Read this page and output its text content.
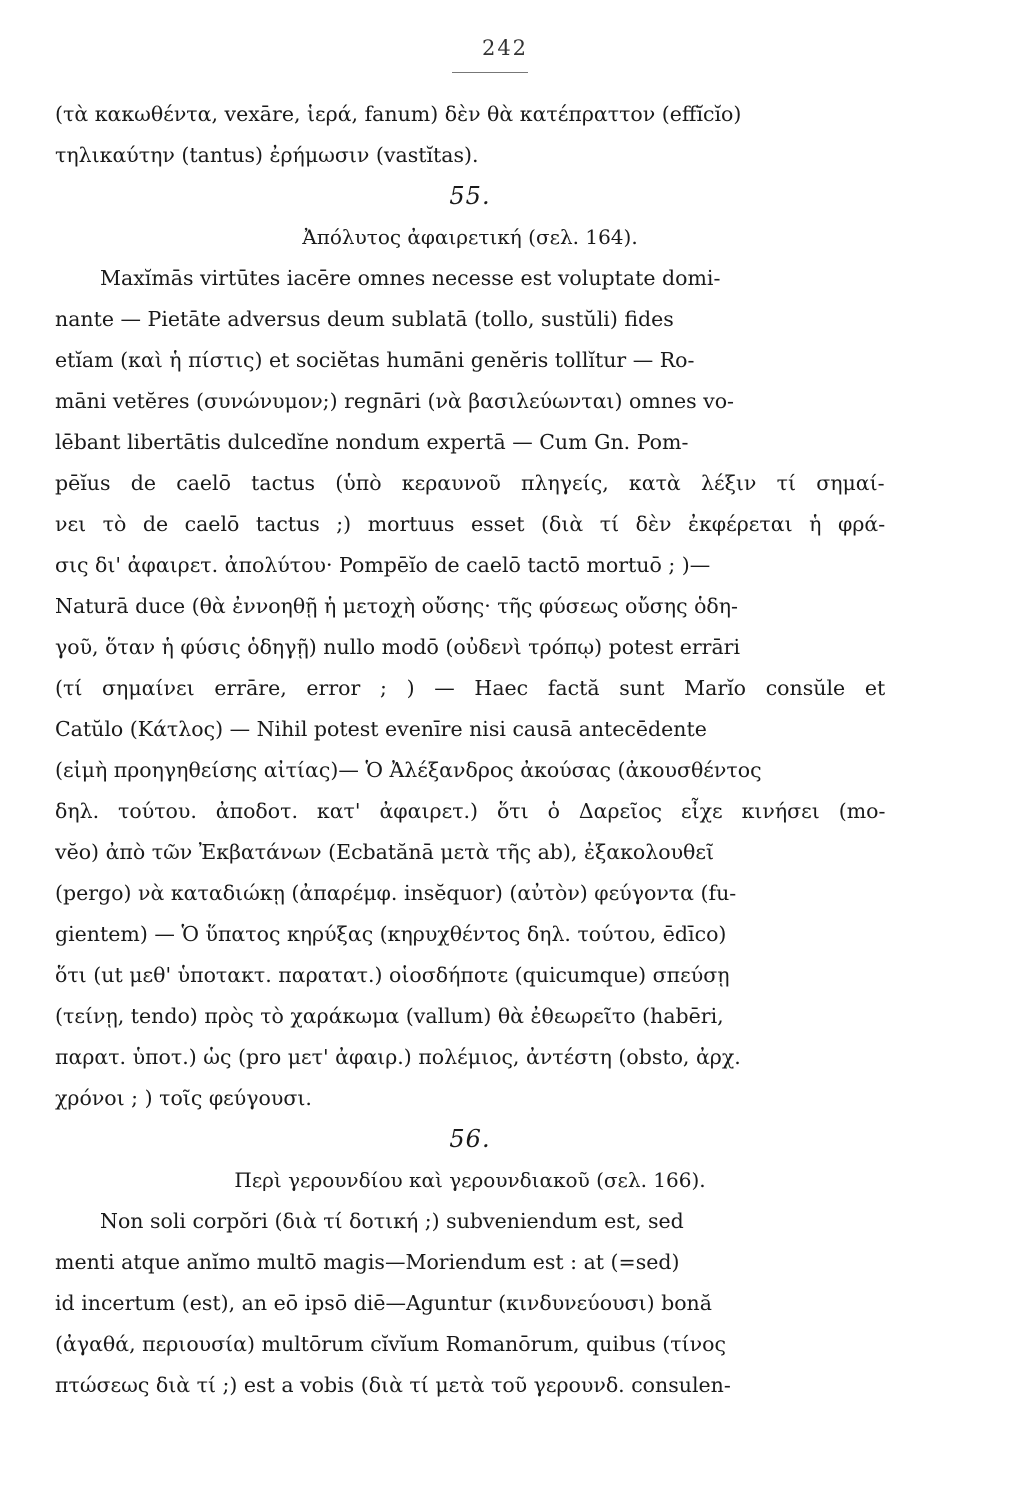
242
(τὰ κακωθέντα, vexāre, ἱερά, fanum) δὲν θὰ κατέπραττον (effĭcĭo)
τηλικαύτην (tantus) ἐρήμωσιν (vastĭtas).
55.
Ἀπόλυτος ἀφαιρετική (σελ. 164).
Maxĭmās virtūtes iacēre omnes necesse est voluptate domi-
nante — Pietāte adversus deum sublatā (tollo, sustŭli) fides
etĭam (καὶ ἡ πίστις) et sociĕtas humāni genĕris tollĭtur — Ro-
māni vetĕres (συνώνυμον;) regnāri (νὰ βασιλεύωνται) omnes vo-
lēbant libertātis dulcedĭne nondum expertā — Cum Gn. Pom-
pēĭus de caelō tactus (ὑπὸ κεραυνοῦ πληγείς, κατὰ λέξιν τί σημαί-
νει τὸ de caelō tactus ;) mortuus esset (διὰ τί δὲν ἐκφέρεται ἡ φρά-
σις δι' ἀφαιρετ. ἀπολύτου· Pompēĭo de caelō tactō mortuō ; )—
Naturā duce (θὰ ἐννοηθῇ ἡ μετοχὴ οὔσης· τῆς φύσεως οὔσης ὁδη-
γοῦ, ὅταν ἡ φύσις ὁδηγῇ) nullo modō (οὐδενὶ τρόπῳ) potest errāri
(τί σημαίνει errāre, error ; ) — Haec factă sunt Marĭo consŭle et
Catŭlo (Κάτλος) — Nihil potest evenīre nisi causā antecēdente
(εἰμὴ προηγηθείσης αἰτίας)— Ὁ Ἀλέξανδρος ἀκούσας (ἀκουσθέντος
δηλ. τούτου. ἀποδοτ. κατ' ἀφαιρετ.) ὅτι ὁ Δαρεῖος εἶχε κινήσει (mo-
vĕo) ἀπὸ τῶν Ἐκβατάνων (Ecbatănā μετὰ τῆς ab), ἐξακολουθεῖ
(pergo) νὰ καταδιώκῃ (ἀπαρέμφ. insĕquor) (αὐτὸν) φεύγοντα (fu-
gientem) — Ὁ ὕπατος κηρύξας (κηρυχθέντος δηλ. τούτου, ēdīco)
ὅτι (ut μεθ' ὑποτακτ. παρατατ.) οἱοσδήποτε (quicumque) σπεύσῃ
(τείνῃ, tendo) πρὸς τὸ χαράκωμα (vallum) θὰ ἐθεωρεῖτο (habēri,
παρατ. ὑποτ.) ὡς (pro μετ' ἀφαιρ.) πολέμιος, ἀντέστη (obsto, ἀρχ.
χρόνοι ; ) τοῖς φεύγουσι.
56.
Περὶ γερουνδίου καὶ γερουνδιακοῦ (σελ. 166).
Non soli corpŏri (διὰ τί δοτική ;) subveniendum est, sed
menti atque anĭmo multō magis—Moriendum est : at (=sed)
id incertum (est), an eō ipsō diē—Aguntur (κινδυνεύουσι) bonă
(ἀγαθά, περιουσία) multōrum cĭvĭum Romanōrum, quibus (τίνος
πτώσεως διὰ τί ;) est a vobis (διὰ τί μετὰ τοῦ γερουνδ. consulen-
